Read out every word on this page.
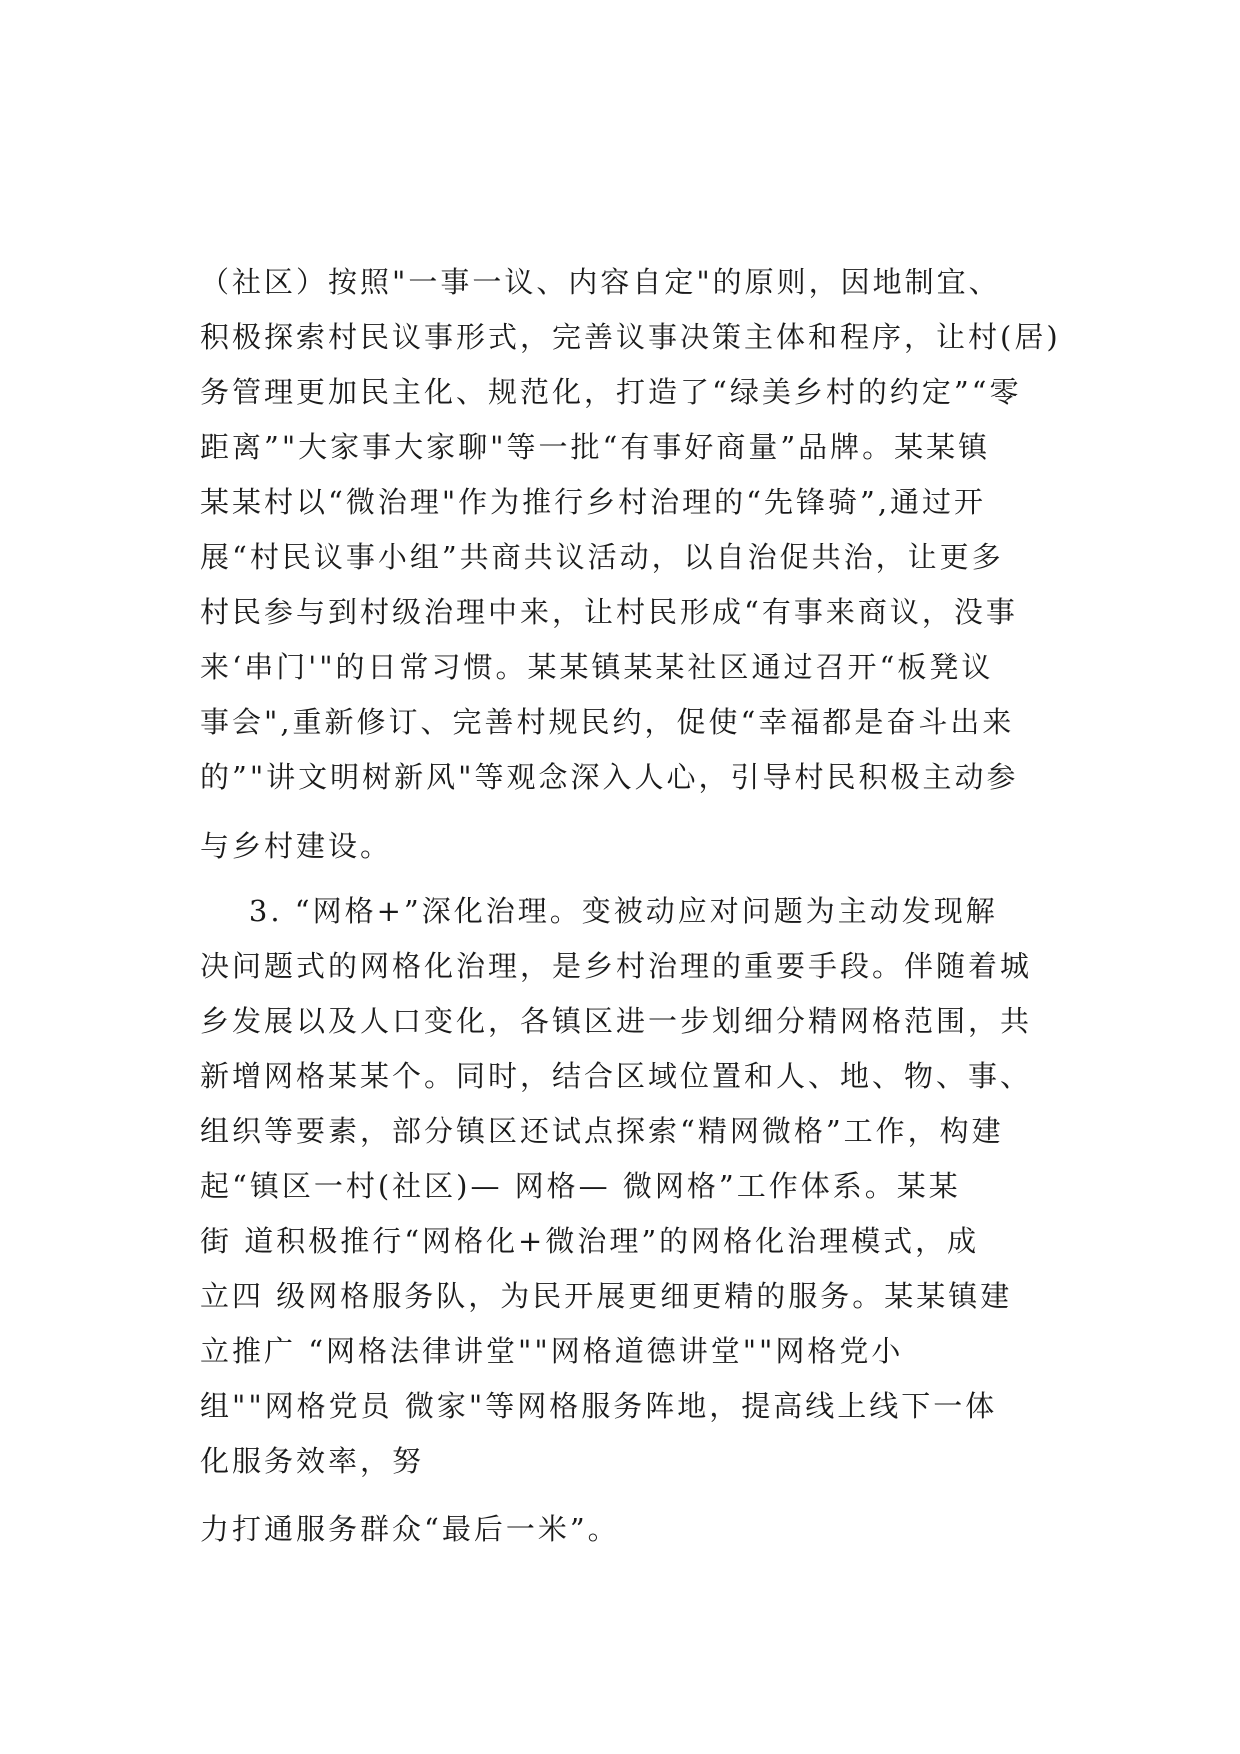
（社区）按照"一事一议、内容自定"的原则，因地制宜、
积极探索村民议事形式，完善议事决策主体和程序，让村(居)
务管理更加民主化、规范化，打造了“绿美乡村的约定”“零
距离”"大家事大家聊"等一批“有事好商量”品牌。某某镇
某某村以“微治理"作为推行乡村治理的“先锋骑”,通过开
展“村民议事小组”共商共议活动，以自治促共治，让更多
村民参与到村级治理中来，让村民形成“有事来商议，没事
来‘串门'"的日常习惯。某某镇某某社区通过召开“板凳议
事会",重新修订、完善村规民约，促使“幸福都是奋斗出来
的”"讲文明树新风"等观念深入人心，引导村民积极主动参
与乡村建设。
3. “网格+”深化治理。变被动应对问题为主动发现解
决问题式的网格化治理，是乡村治理的重要手段。伴随着城
乡发展以及人口变化，各镇区进一步划细分精网格范围，共
新增网格某某个。同时，结合区域位置和人、地、物、事、
组织等要素，部分镇区还试点探索“精网微格”工作，构建
起“镇区一村(社区)— 网格— 微网格”工作体系。某某
街 道积极推行“网格化+微治理”的网格化治理模式，成
立四 级网格服务队，为民开展更细更精的服务。某某镇建
立推广 “网格法律讲堂""网格道德讲堂""网格党小
组""网格党员 微家"等网格服务阵地，提高线上线下一体
化服务效率，努
力打通服务群众“最后一米”。
